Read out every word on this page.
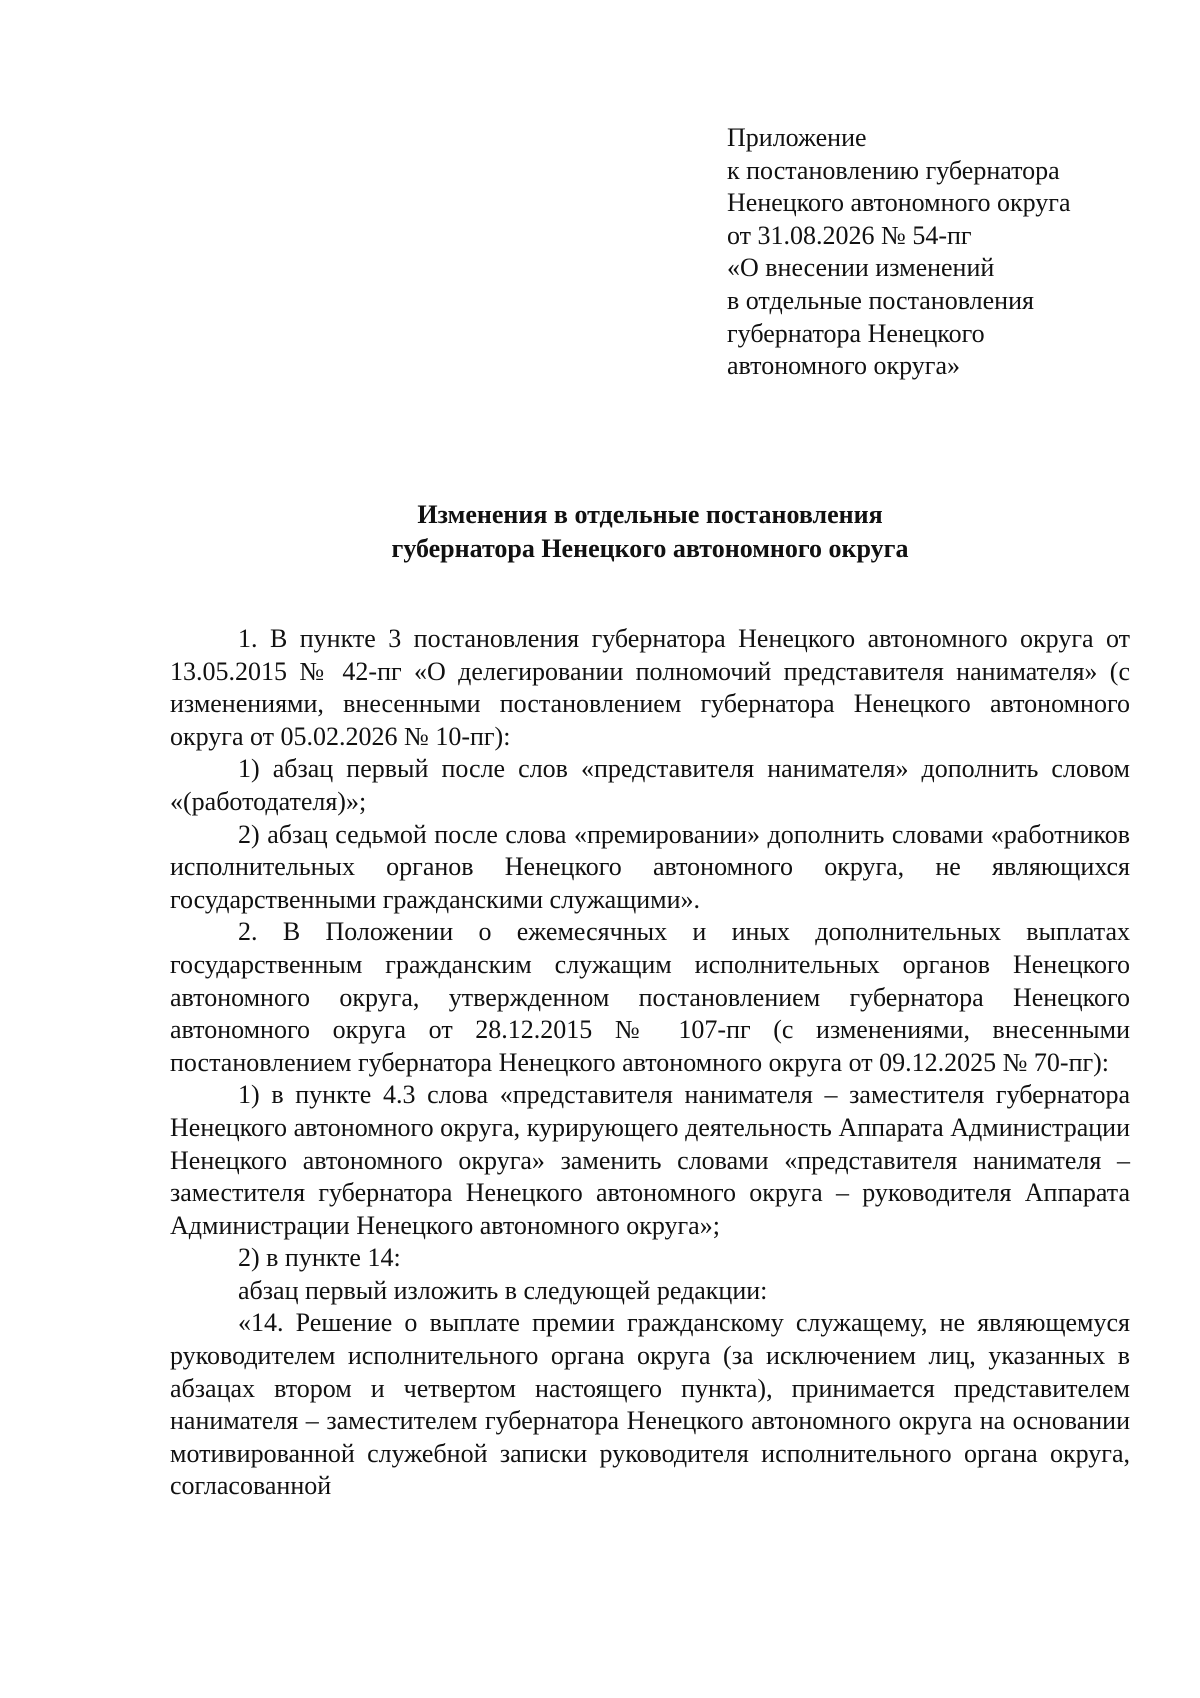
Приложение
к постановлению губернатора
Ненецкого автономного округа
от 31.08.2026 № 54-пг
«О внесении изменений
в отдельные постановления
губернатора Ненецкого
автономного округа»
Изменения в отдельные постановления
губернатора Ненецкого автономного округа

1. В пункте 3 постановления губернатора Ненецкого автономного округа от 13.05.2015 № 42-пг «О делегировании полномочий представителя нанимателя» (с изменениями, внесенными постановлением губернатора Ненецкого автономного округа от 05.02.2026 № 10-пг):

1) абзац первый после слов «представителя нанимателя» дополнить словом «(работодателя)»;

2) абзац седьмой после слова «премировании» дополнить словами «работников исполнительных органов Ненецкого автономного округа, не являющихся государственными гражданскими служащими».

2. В Положении о ежемесячных и иных дополнительных выплатах государственным гражданским служащим исполнительных органов Ненецкого автономного округа, утвержденном постановлением губернатора Ненецкого автономного округа от 28.12.2015 № 107-пг (с изменениями, внесенными постановлением губернатора Ненецкого автономного округа от 09.12.2025 № 70-пг):

1) в пункте 4.3 слова «представителя нанимателя – заместителя губернатора Ненецкого автономного округа, курирующего деятельность Аппарата Администрации Ненецкого автономного округа» заменить словами «представителя нанимателя – заместителя губернатора Ненецкого автономного округа – руководителя Аппарата Администрации Ненецкого автономного округа»;

2) в пункте 14:

абзац первый изложить в следующей редакции:

«14. Решение о выплате премии гражданскому служащему, не являющемуся руководителем исполнительного органа округа (за исключением лиц, указанных в абзацах втором и четвертом настоящего пункта), принимается представителем нанимателя – заместителем губернатора Ненецкого автономного округа на основании мотивированной служебной записки руководителя исполнительного органа округа, согласованной
